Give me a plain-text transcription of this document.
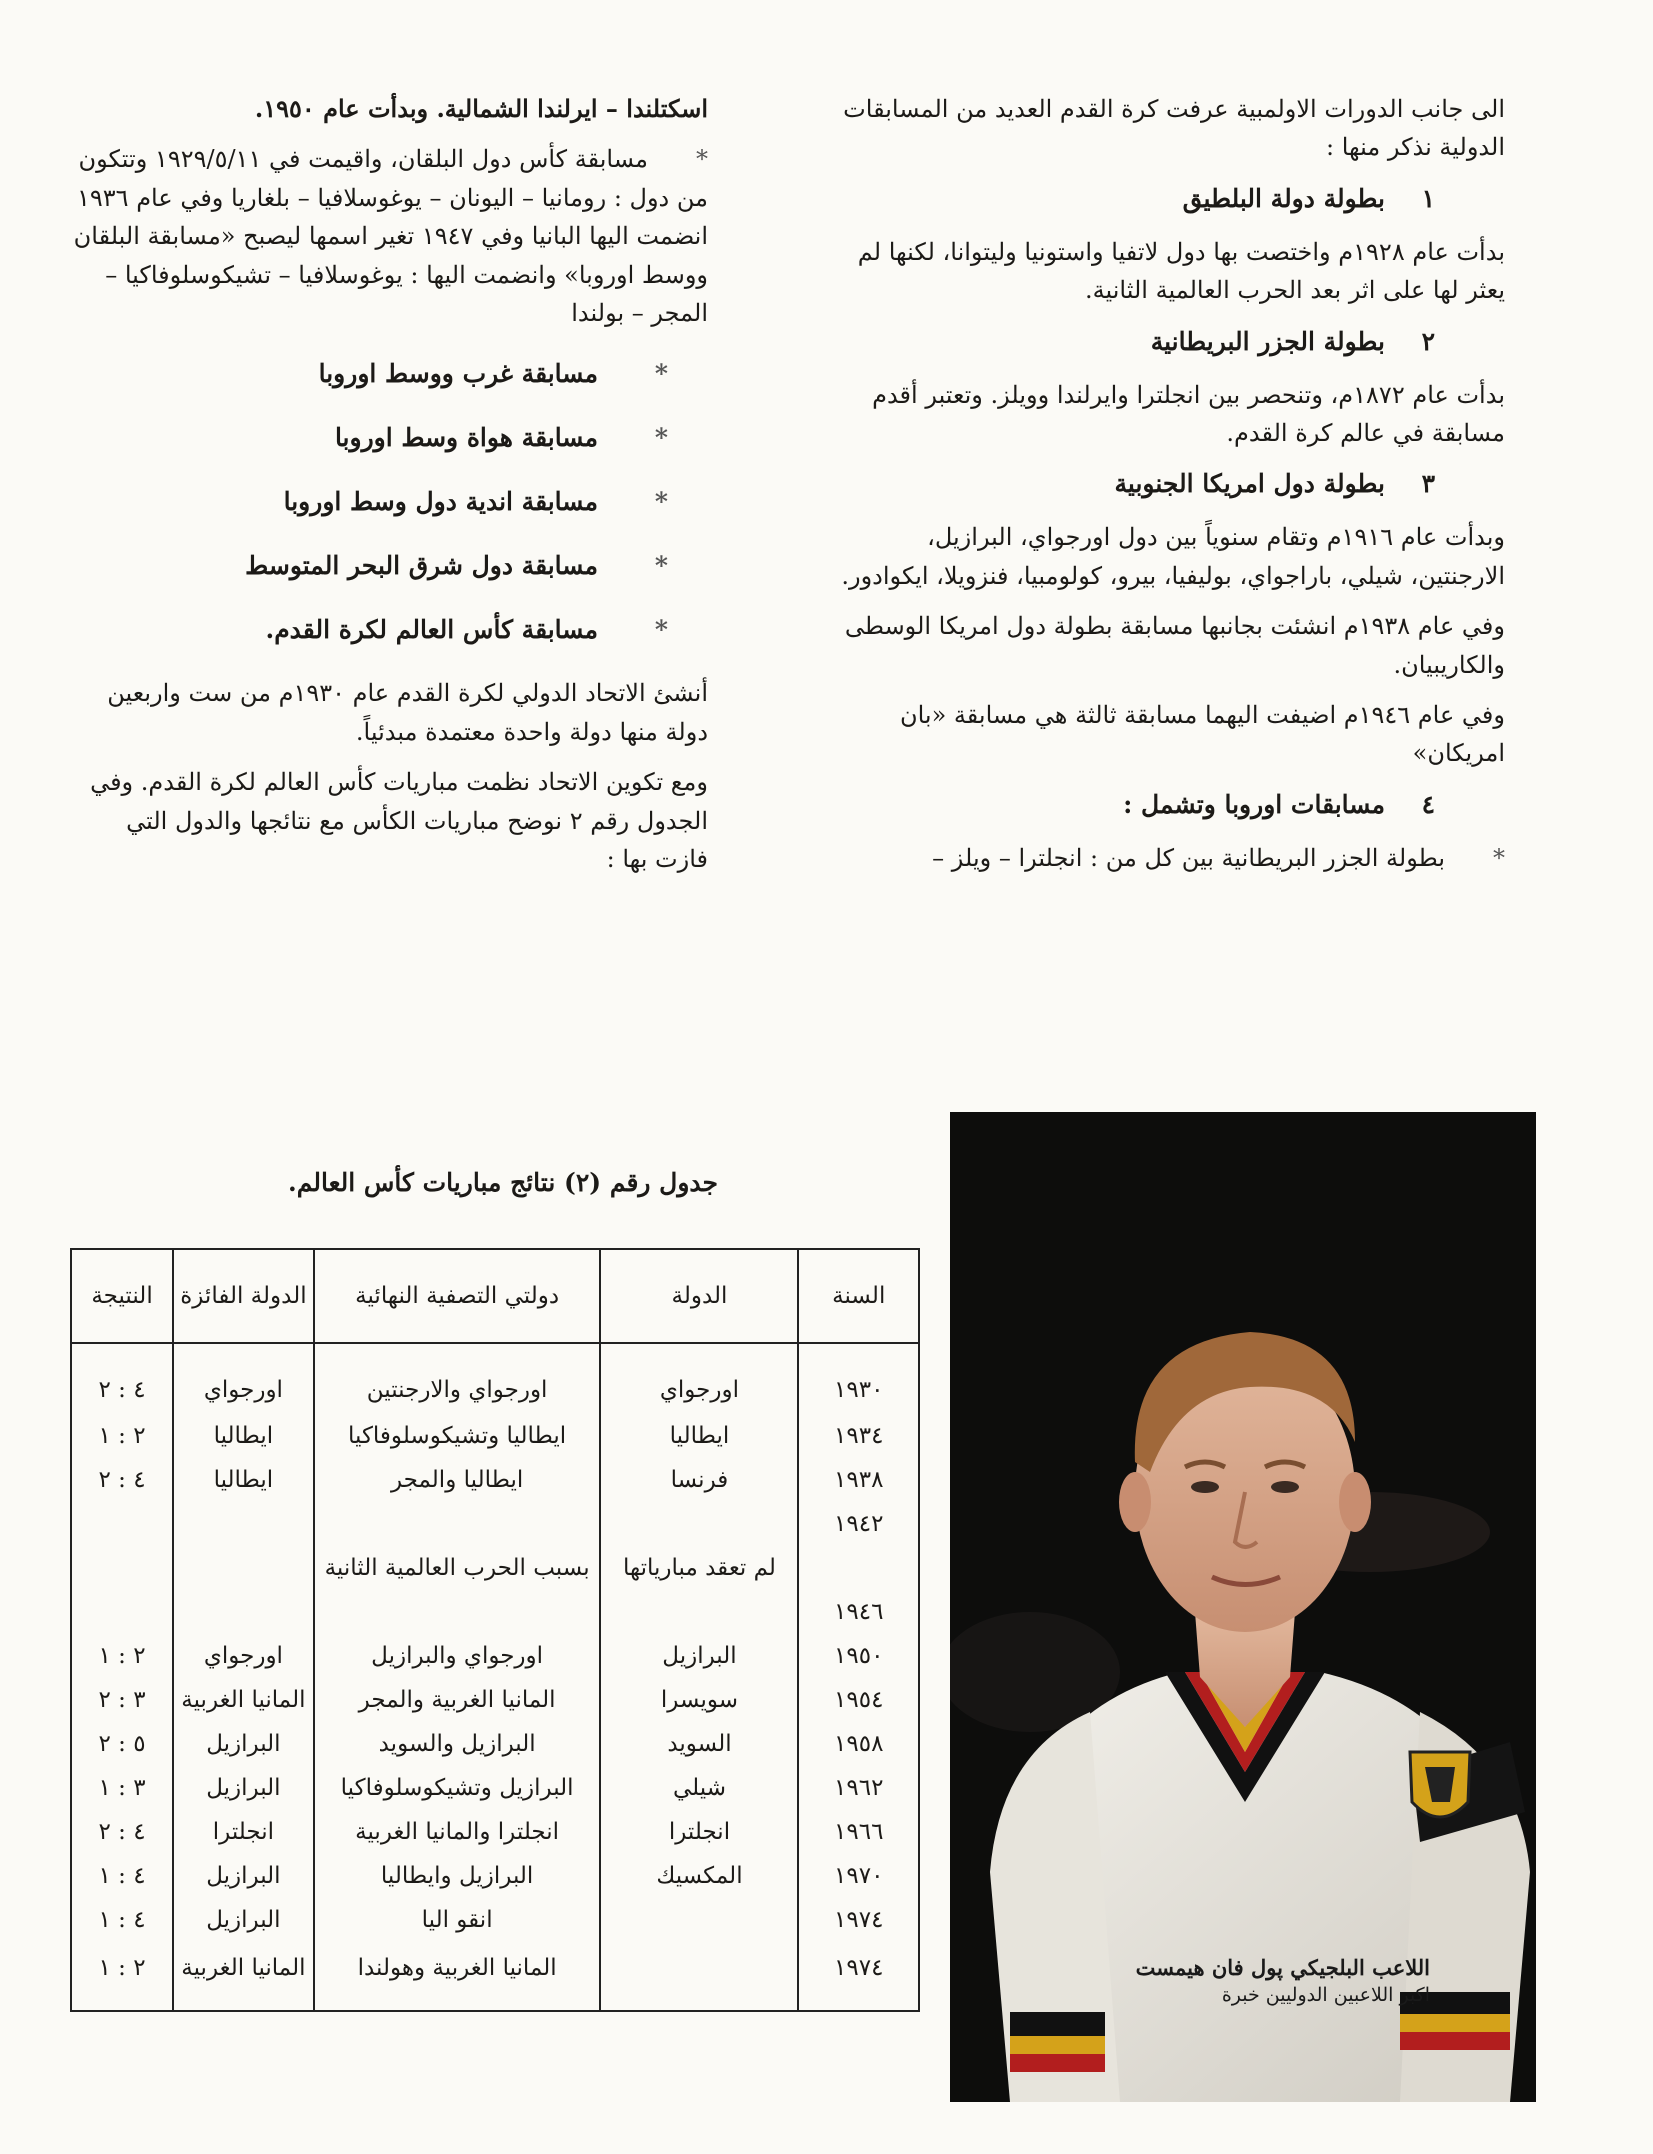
الى جانب الدورات الاولمبية عرفت كرة القدم العديد من المسابقات الدولية نذكر منها :

١بطولة دولة البلطيق

بدأت عام ١٩٢٨م واختصت بها دول لاتفيا واستونيا وليتوانا، لكنها لم يعثر لها على اثر بعد الحرب العالمية الثانية.

٢بطولة الجزر البريطانية

بدأت عام ١٨٧٢م، وتنحصر بين انجلترا وايرلندا وويلز. وتعتبر أقدم مسابقة في عالم كرة القدم.

٣بطولة دول امريكا الجنوبية

وبدأت عام ١٩١٦م وتقام سنوياً بين دول اورجواي، البرازيل، الارجنتين، شيلي، باراجواي، بوليفيا، بيرو، كولومبيا، فنزويلا، ايكوادور.

وفي عام ١٩٣٨م انشئت بجانبها مسابقة بطولة دول امريكا الوسطى والكاريبيان.

وفي عام ١٩٤٦م اضيفت اليهما مسابقة ثالثة هي مسابقة «بان امريكان»

٤مسابقات اوروبا وتشمل :

*بطولة الجزر البريطانية بين كل من : انجلترا – ويلز –

اسكتلندا – ايرلندا الشمالية. وبدأت عام ١٩٥٠.

*مسابقة كأس دول البلقان، واقيمت في ١٩٢٩/٥/١١ وتتكون من دول : رومانيا – اليونان – يوغوسلافيا – بلغاريا وفي عام ١٩٣٦ انضمت اليها البانيا وفي ١٩٤٧ تغير اسمها ليصبح «مسابقة البلقان ووسط اوروبا» وانضمت اليها : يوغوسلافيا – تشيكوسلوفاكيا – المجر – بولندا

*مسابقة غرب ووسط اوروبا
*مسابقة هواة وسط اوروبا
*مسابقة اندية دول وسط اوروبا
*مسابقة دول شرق البحر المتوسط
*مسابقة كأس العالم لكرة القدم.

أنشئ الاتحاد الدولي لكرة القدم عام ١٩٣٠م من ست واربعين دولة منها دولة واحدة معتمدة مبدئياً.

ومع تكوين الاتحاد نظمت مباريات كأس العالم لكرة القدم. وفي الجدول رقم ٢ نوضح مباريات الكأس مع نتائجها والدول التي فازت بها :

جدول رقم (٢) نتائج مباريات كأس العالم.
السنة	الدولة	دولتي التصفية النهائية	الدولة الفائزة	النتيجة
١٩٣٠	اورجواي	اورجواي والارجنتين	اورجواي	٤ : ٢
١٩٣٤	ايطاليا	ايطاليا وتشيكوسلوفاكيا	ايطاليا	٢ : ١
١٩٣٨	فرنسا	ايطاليا والمجر	ايطاليا	٤ : ٢
١٩٤٢				
	لم تعقد مبارياتها	بسبب الحرب العالمية الثانية		
١٩٤٦				
١٩٥٠	البرازيل	اورجواي والبرازيل	اورجواي	٢ : ١
١٩٥٤	سويسرا	المانيا الغربية والمجر	المانيا الغربية	٣ : ٢
١٩٥٨	السويد	البرازيل والسويد	البرازيل	٥ : ٢
١٩٦٢	شيلي	البرازيل وتشيكوسلوفاكيا	البرازيل	٣ : ١
١٩٦٦	انجلترا	انجلترا والمانيا الغربية	انجلترا	٤ : ٢
١٩٧٠	المكسيك	البرازيل وايطاليا	البرازيل	٤ : ١
١٩٧٤		انقو اليا	البرازيل	٤ : ١
١٩٧٤		المانيا الغربية وهولندا	المانيا الغربية	٢ : ١	اللاعب البلجيكي پول فان هيمست
اكبر اللاعبين الدوليين خبرة
